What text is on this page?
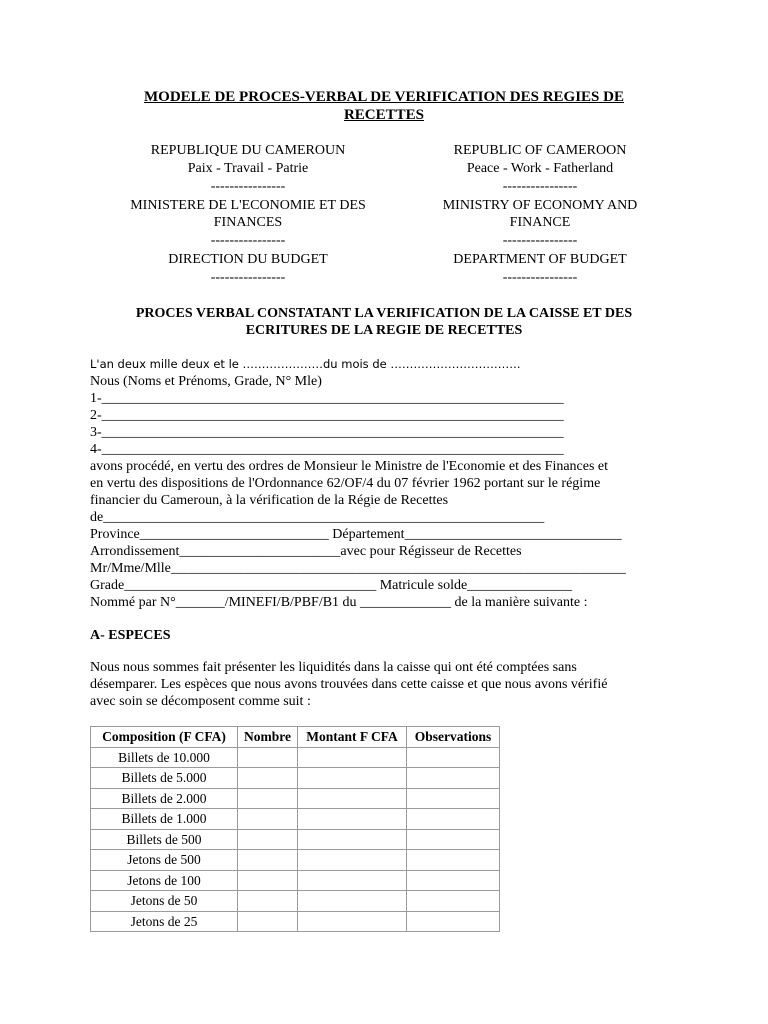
MODELE DE PROCES-VERBAL DE VERIFICATION DES REGIES DE
RECETTES
REPUBLIQUE DU CAMEROUN
Paix - Travail - Patrie
----------------
MINISTERE DE L'ECONOMIE ET DES
FINANCES
----------------
DIRECTION DU BUDGET
----------------
REPUBLIC OF CAMEROON
Peace - Work - Fatherland
----------------
MINISTRY OF ECONOMY AND
FINANCE
----------------
DEPARTMENT OF BUDGET
----------------
PROCES VERBAL CONSTATANT LA VERIFICATION DE LA CAISSE ET DES
ECRITURES DE LA REGIE DE RECETTES
L'an deux mille deux et le …………………du mois de …………………………….
Nous (Noms et Prénoms, Grade, N° Mle)
1-__________________________________________________________________
2-__________________________________________________________________
3-__________________________________________________________________
4-__________________________________________________________________
avons procédé, en vertu des ordres de Monsieur le Ministre de l'Economie et des Finances et
en vertu des dispositions de l'Ordonnance 62/OF/4 du 07 février 1962 portant sur le régime
financier du Cameroun, à la vérification de la Régie de Recettes
de_______________________________________________________________
Province___________________________ Département_______________________________
Arrondissement_______________________avec pour Régisseur de Recettes
Mr/Mme/Mlle_________________________________________________________________
Grade____________________________________ Matricule solde_______________
Nommé par N°_______/MINEFI/B/PBF/B1 du _____________ de la manière suivante :
A- ESPECES
Nous nous sommes fait présenter les liquidités dans la caisse qui ont été comptées sans
désemparer. Les espèces que nous avons trouvées dans cette caisse et que nous avons vérifié
avec soin se décomposent comme suit :
Composition (F CFA)	Nombre	Montant F CFA	Observations
Billets de 10.000			
Billets de 5.000			
Billets de 2.000			
Billets de 1.000			
Billets de 500			
Jetons de 500			
Jetons de 100			
Jetons de 50			
Jetons de 25			
